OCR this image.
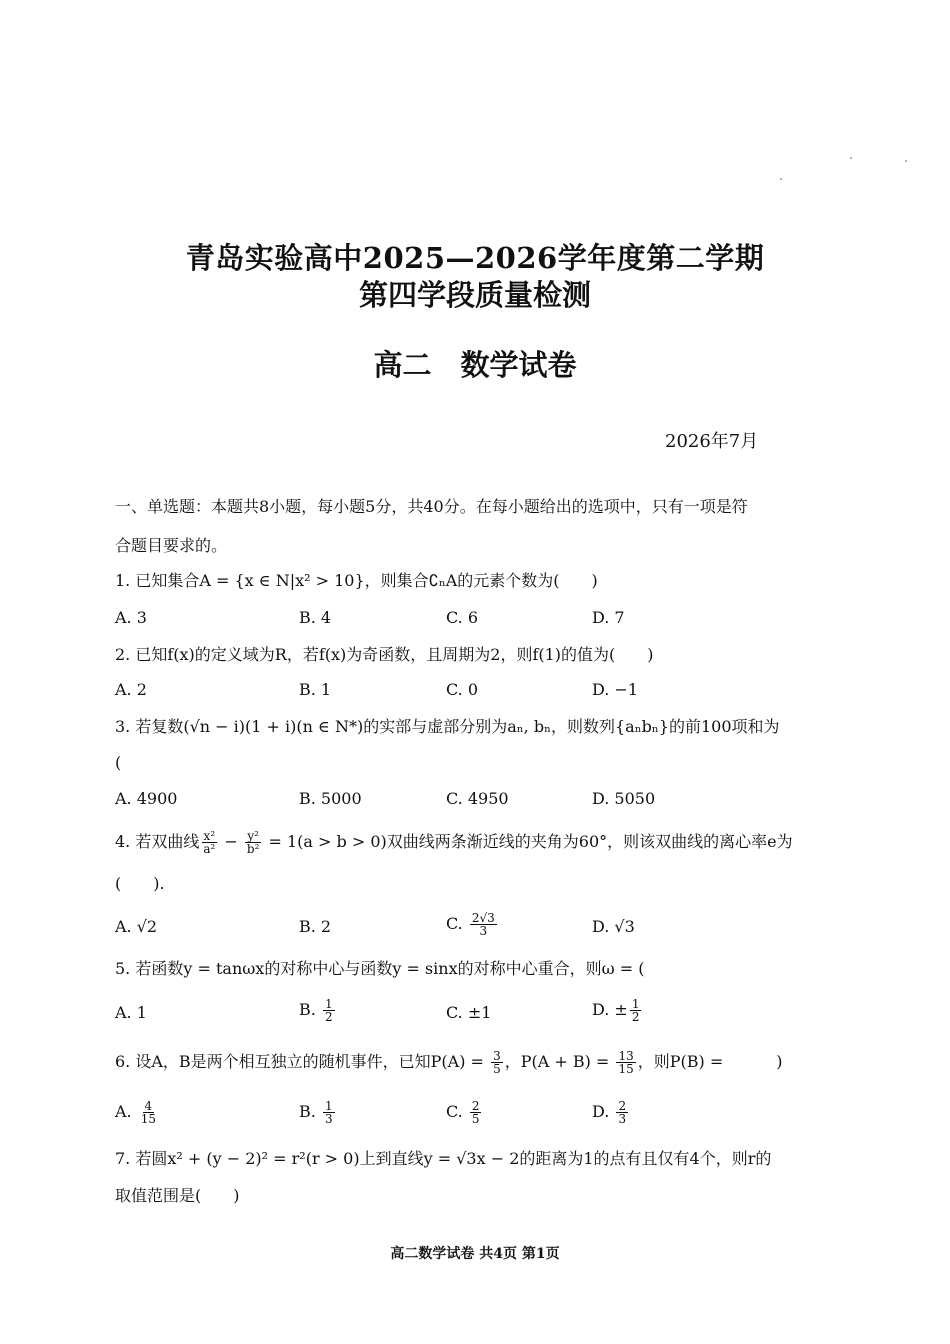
青岛实验高中2025—2026学年度第二学期
第四学段质量检测
高二　数学试卷
2026年7月
一、单选题：本题共8小题，每小题5分，共40分。在每小题给出的选项中，只有一项是符
合题目要求的。
1. 已知集合A = {x ∈ N|x² > 10}，则集合∁ₙA的元素个数为(　　)
A. 3	B. 4	C. 6	D. 7
2. 已知f(x)的定义域为R，若f(x)为奇函数，且周期为2，则f(1)的值为(　　)
A. 2	B. 1	C. 0	D. −1
3. 若复数(√n − i)(1 + i)(n ∈ N*)的实部与虚部分别为aₙ, bₙ，则数列{aₙbₙ}的前100项和为
(
A. 4900	B. 5000	C. 4950	D. 5050
4. 若双曲线 $\frac{\text{x²}}{\text{a²}} - \frac{\text{y²}}{\text{b²}} = 1(a > b > 0)$双曲线两条渐近线的夹角为60°，则该双曲线的离心率e为
(　　).
A. √2	B. 2	C. $\frac{2√3}{3}$	D. √3
5. 若函数y = tanωx的对称中心与函数y = sinx的对称中心重合，则ω = (
A. 1	B. $\frac{1}{2}$	C. ±1	D. ± $\frac{1}{2}$
6. 设A，B是两个相互独立的随机事件，已知$P(A) = \frac{3}{5}$ ，$P(A + B) = \frac{13}{15}$ ，则P(B) = 　　　)
A. $\frac{4}{15}$	B. $\frac{1}{3}$	C. $\frac{2}{5}$	D. $\frac{2}{3}$
7. 若圆x² + (y − 2)² = r²(r > 0)上到直线y = √3x − 2的距离为1的点有且仅有4个，则r的
取值范围是(　　)
高二数学试卷 共4页 第1页
